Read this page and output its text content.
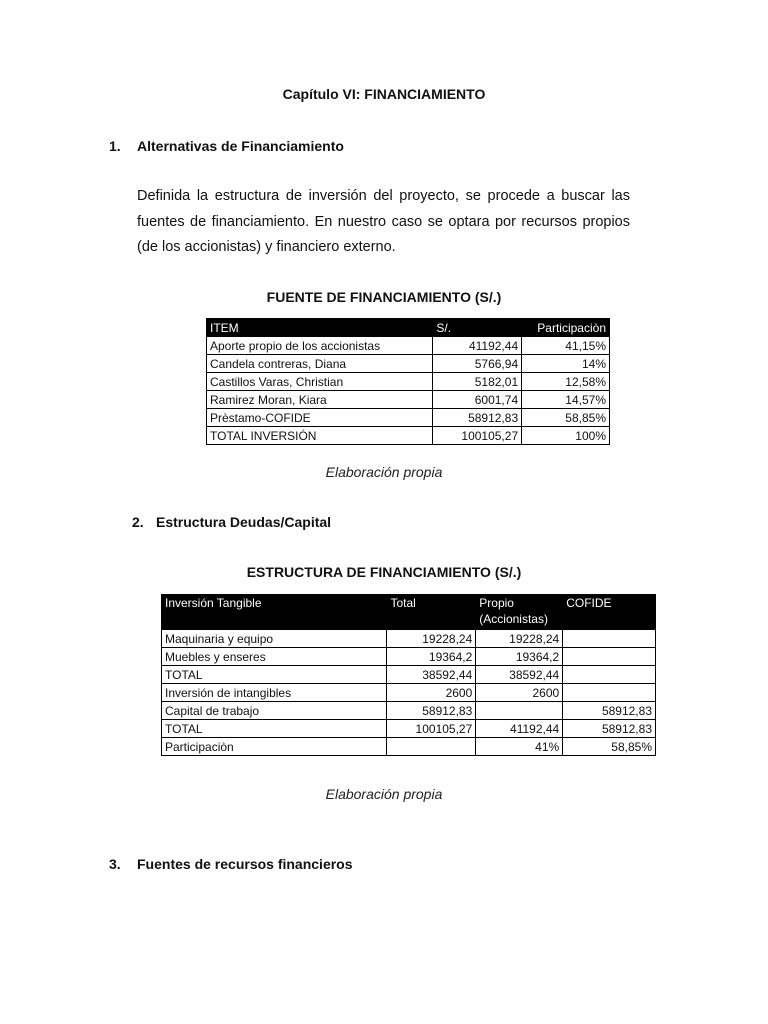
Capítulo VI: FINANCIAMIENTO
1. Alternativas de Financiamiento
Definida la estructura de inversión del proyecto, se procede a buscar las fuentes de financiamiento. En nuestro caso se optara por recursos propios (de los accionistas) y financiero externo.
FUENTE DE FINANCIAMIENTO (S/.)
ITEM	S/.	Participaciòn
Aporte propio de los accionistas	41192,44	41,15%
Candela contreras, Diana	5766,94	14%
Castillos Varas, Christian	5182,01	12,58%
Ramirez Moran, Kiara	6001,74	14,57%
Prèstamo-COFIDE	58912,83	58,85%
TOTAL INVERSIÓN	100105,27	100%
Elaboración propia
2. Estructura Deudas/Capital
ESTRUCTURA DE FINANCIAMIENTO (S/.)
Inversión Tangible	Total	Propio (Accionistas)	COFIDE
Maquinaria y equipo	19228,24	19228,24	
Muebles y enseres	19364,2	19364,2	
TOTAL	38592,44	38592,44	
Inversión de intangibles	2600	2600	
Capital de trabajo	58912,83		58912,83
TOTAL	100105,27	41192,44	58912,83
Participaciòn		41%	58,85%
Elaboración propia
3. Fuentes de recursos financieros
